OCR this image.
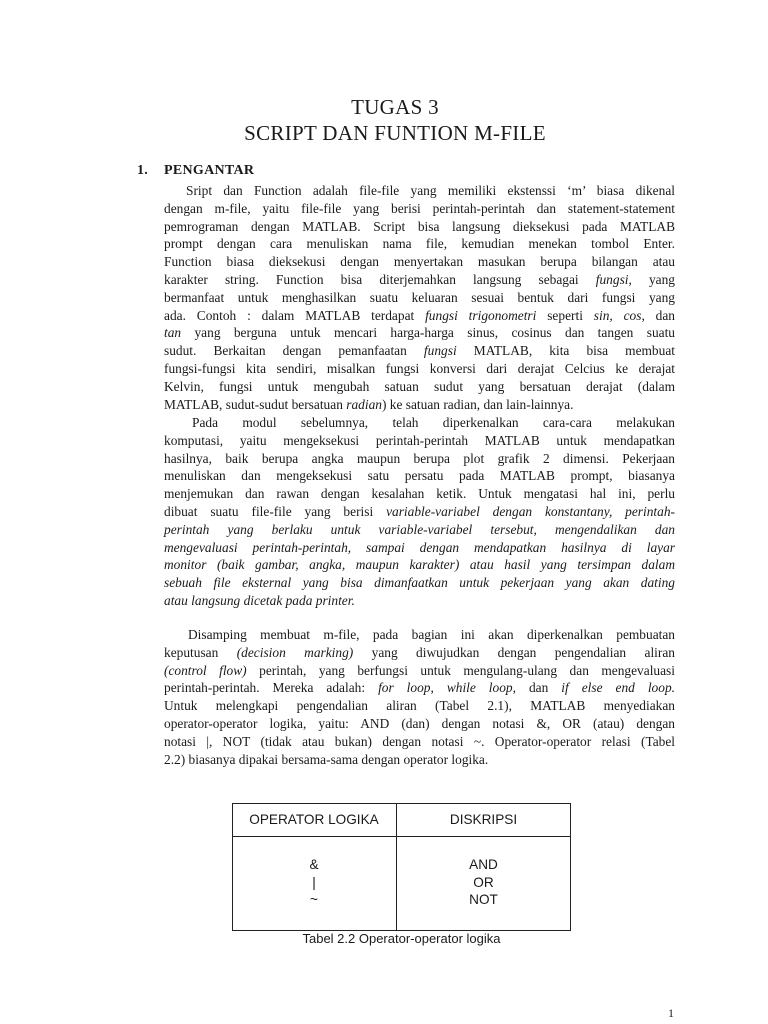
TUGAS 3
SCRIPT DAN FUNTION M-FILE
1. PENGANTAR
Sript dan Function adalah file-file yang memiliki ekstenssi ‘m’ biasa dikenal
dengan m-file, yaitu file-file yang berisi perintah-perintah dan statement-statement
pemrograman dengan MATLAB. Script bisa langsung dieksekusi pada MATLAB
prompt dengan cara menuliskan nama file, kemudian menekan tombol Enter.
Function biasa dieksekusi dengan menyertakan masukan berupa bilangan atau
karakter string. Function bisa diterjemahkan langsung sebagai fungsi, yang
bermanfaat untuk menghasilkan suatu keluaran sesuai bentuk dari fungsi yang
ada. Contoh : dalam MATLAB terdapat fungsi trigonometri seperti sin, cos, dan
tan yang berguna untuk mencari harga-harga sinus, cosinus dan tangen suatu
sudut. Berkaitan dengan pemanfaatan fungsi MATLAB, kita bisa membuat
fungsi-fungsi kita sendiri, misalkan fungsi konversi dari derajat Celcius ke derajat
Kelvin, fungsi untuk mengubah satuan sudut yang bersatuan derajat (dalam
MATLAB, sudut-sudut bersatuan radian) ke satuan radian, dan lain-lainnya.
Pada modul sebelumnya, telah diperkenalkan cara-cara melakukan
komputasi, yaitu mengeksekusi perintah-perintah MATLAB untuk mendapatkan
hasilnya, baik berupa angka maupun berupa plot grafik 2 dimensi. Pekerjaan
menuliskan dan mengeksekusi satu persatu pada MATLAB prompt, biasanya
menjemukan dan rawan dengan kesalahan ketik. Untuk mengatasi hal ini, perlu
dibuat suatu file-file yang berisi variable-variabel dengan konstantany, perintah-
perintah yang berlaku untuk variable-variabel tersebut, mengendalikan dan
mengevaluasi perintah-perintah, sampai dengan mendapatkan hasilnya di layar
monitor (baik gambar, angka, maupun karakter) atau hasil yang tersimpan dalam
sebuah file eksternal yang bisa dimanfaatkan untuk pekerjaan yang akan dating
atau langsung dicetak pada printer.
Disamping membuat m-file, pada bagian ini akan diperkenalkan pembuatan
keputusan (decision marking) yang diwujudkan dengan pengendalian aliran
(control flow) perintah, yang berfungsi untuk mengulang-ulang dan mengevaluasi
perintah-perintah. Mereka adalah: for loop, while loop, dan if else end loop.
Untuk melengkapi pengendalian aliran (Tabel 2.1), MATLAB menyediakan
operator-operator logika, yaitu: AND (dan) dengan notasi &, OR (atau) dengan
notasi |, NOT (tidak atau bukan) dengan notasi ~. Operator-operator relasi (Tabel
2.2) biasanya dipakai bersama-sama dengan operator logika.
OPERATOR LOGIKA	DISKRIPSI
&
|
~
AND
OR
NOT
Tabel 2.2 Operator-operator logika
1
